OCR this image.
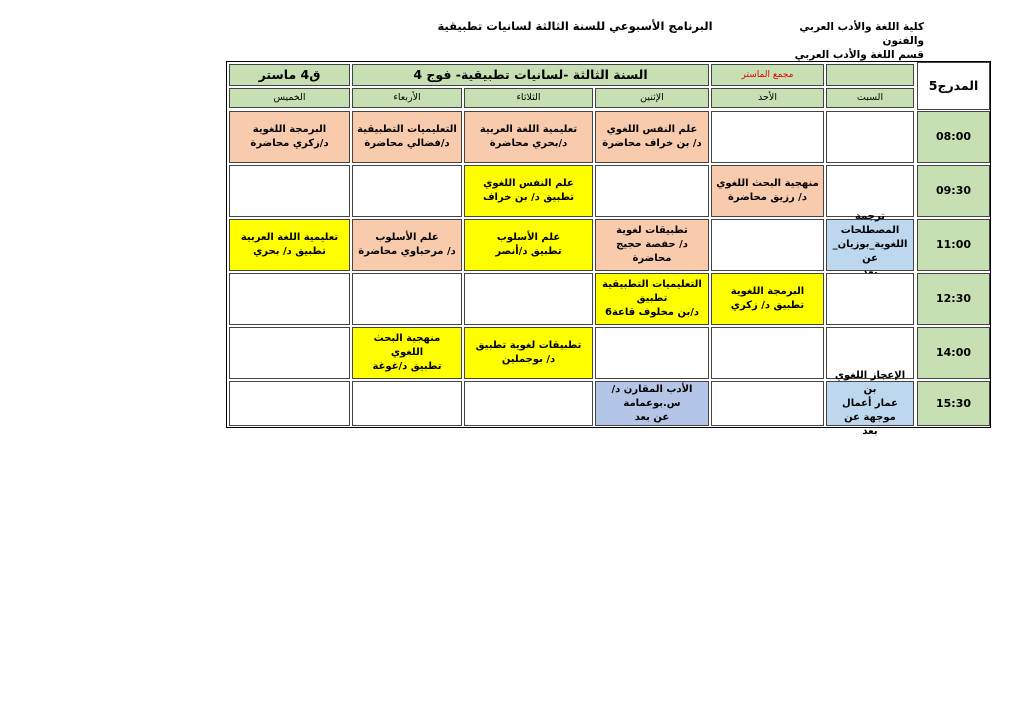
كلية اللغة والأدب العربي والفنون
قسم اللغة والأدب العربي
البرنامج الأسبوعي للسنة الثالثة لسانيات تطبيقية
المدرج5
مجمع الماستر
السنة الثالثة -لسانيات تطبيقية- فوج 4
ق4 ماستر
السبت
الأحد
الإثنين
الثلاثاء
الأربعاء
الخميس
08:00
09:30
11:00
12:30
14:00
15:30
علم النفس اللغوي
د/ بن خراف محاضرة
تعليمية اللغة العربية
د/بحري محاضرة
التعليميات التطبيقية
د/فضالي محاضرة
البرمجة اللغوية
د/زكري محاضرة
منهجية البحث اللغوي
د/ رزيق محاضرة
علم النفس اللغوي
تطبيق د/ بن خراف
ترجمة المصطلحات
اللغوية_بوزيان_ عن
تطبيقات لغوية
د/ حفصة حجيج محاضرة
علم الأسلوب
تطبيق د/أنصر
علم الأسلوب
د/ مرحباوي محاضرة
تعليمية اللغة العربية
تطبيق د/ بحري
البرمجة اللغوية
تطبيق د/ زكري
التعليميات التطبيقية تطبيق
د/بن مخلوف قاعة6
تطبيقات لغوية تطبيق
د/ بوجملين
منهجية البحث اللغوي
تطبيق د/غوغة
الإعجاز اللغوي بن
عمار أعمال موجهة عن
بعد
الأدب المقارن د/س.بوعمامة
عن بعد
